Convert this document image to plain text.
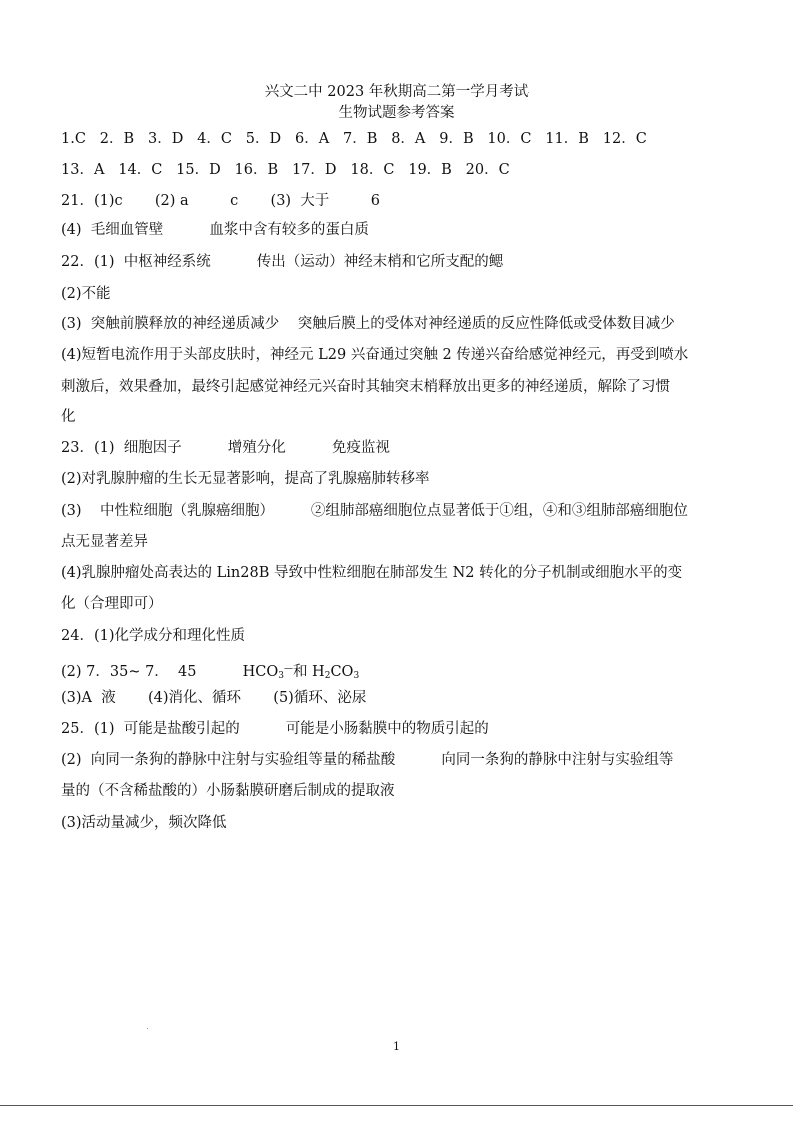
兴文二中 2023 年秋期高二第一学月考试
生物试题参考答案
1.C   2．B   3．D   4．C   5．D   6．A   7．B   8．A   9．B   10．C   11．B   12．C
13．A   14．C   15．D   16．B   17．D   18．C   19．B   20．C
21．(1)c       (2) a         c       (3)  大于         6
(4)  毛细血管壁          血浆中含有较多的蛋白质
22．(1)  中枢神经系统          传出（运动）神经末梢和它所支配的鳃
(2)不能
(3)  突触前膜释放的神经递质减少    突触后膜上的受体对神经递质的反应性降低或受体数目减少
(4)短暂电流作用于头部皮肤时，神经元 L29 兴奋通过突触 2 传递兴奋给感觉神经元，再受到喷水
刺激后，效果叠加，最终引起感觉神经元兴奋时其轴突末梢释放出更多的神经递质，解除了习惯
化
23．(1)  细胞因子          增殖分化          免疫监视
(2)对乳腺肿瘤的生长无显著影响，提高了乳腺癌肺转移率
(3)    中性粒细胞（乳腺癌细胞）        ②组肺部癌细胞位点显著低于①组，④和③组肺部癌细胞位
点无显著差异
(4)乳腺肿瘤处高表达的 Lin28B 导致中性粒细胞在肺部发生 N2 转化的分子机制或细胞水平的变
化（合理即可）
24．(1)化学成分和理化性质
(2) 7．35~ 7．  45          $HCO_3^—$和 $H_2CO_3$
(3)A  液       (4)消化、循环       (5)循环、泌尿
25．(1)  可能是盐酸引起的          可能是小肠黏膜中的物质引起的
(2)  向同一条狗的静脉中注射与实验组等量的稀盐酸          向同一条狗的静脉中注射与实验组等
量的（不含稀盐酸的）小肠黏膜研磨后制成的提取液
(3)活动量减少，频次降低
1
